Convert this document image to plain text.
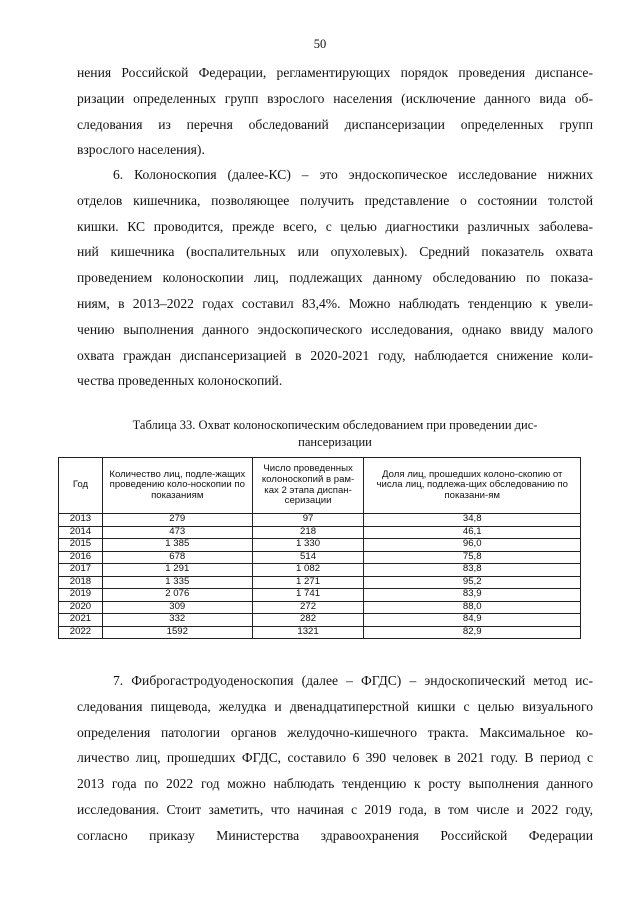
50

нения Российской Федерации, регламентирующих порядок проведения диспансе-
ризации определенных групп взрослого населения (исключение данного вида об-
следования из перечня обследований диспансеризации определенных групп
взрослого населения).

6. Колоноскопия (далее-КС) – это эндоскопическое исследование нижних
отделов кишечника, позволяющее получить представление о состоянии толстой
кишки. КС проводится, прежде всего, с целью диагностики различных заболева-
ний кишечника (воспалительных или опухолевых). Средний показатель охвата
проведением колоноскопии лиц, подлежащих данному обследованию по показа-
ниям, в 2013–2022 годах составил 83,4%. Можно наблюдать тенденцию к увели-
чению выполнения данного эндоскопического исследования, однако ввиду малого
охвата граждан диспансеризацией в 2020-2021 году, наблюдается снижение коли-
чества проведенных колоноскопий.

Таблица 33. Охват колоноскопическим обследованием при проведении дис-
пансеризации
Год	Количество лиц, подле-жащих проведению коло-носкопии по показаниям	Число проведенных колоноскопий в рам-ках 2 этапа диспан-серизации	Доля лиц, прошедших колоно-скопию от числа лиц, подлежа-щих обследованию по показани-ям
2013	279	97	34,8
2014	473	218	46,1
2015	1 385	1 330	96,0
2016	678	514	75,8
2017	1 291	1 082	83,8
2018	1 335	1 271	95,2
2019	2 076	1 741	83,9
2020	309	272	88,0
2021	332	282	84,9
2022	1592	1321	82,9

7. Фиброгастродуоденоскопия (далее – ФГДС) – эндоскопический метод ис-
следования пищевода, желудка и двенадцатиперстной кишки с целью визуального
определения патологии органов желудочно-кишечного тракта. Максимальное ко-
личество лиц, прошедших ФГДС, составило 6 390 человек в 2021 году. В период с
2013 года по 2022 год можно наблюдать тенденцию к росту выполнения данного
исследования. Стоит заметить, что начиная с 2019 года, в том числе и 2022 году,
согласно приказу Министерства здравоохранения Российской Федерации
